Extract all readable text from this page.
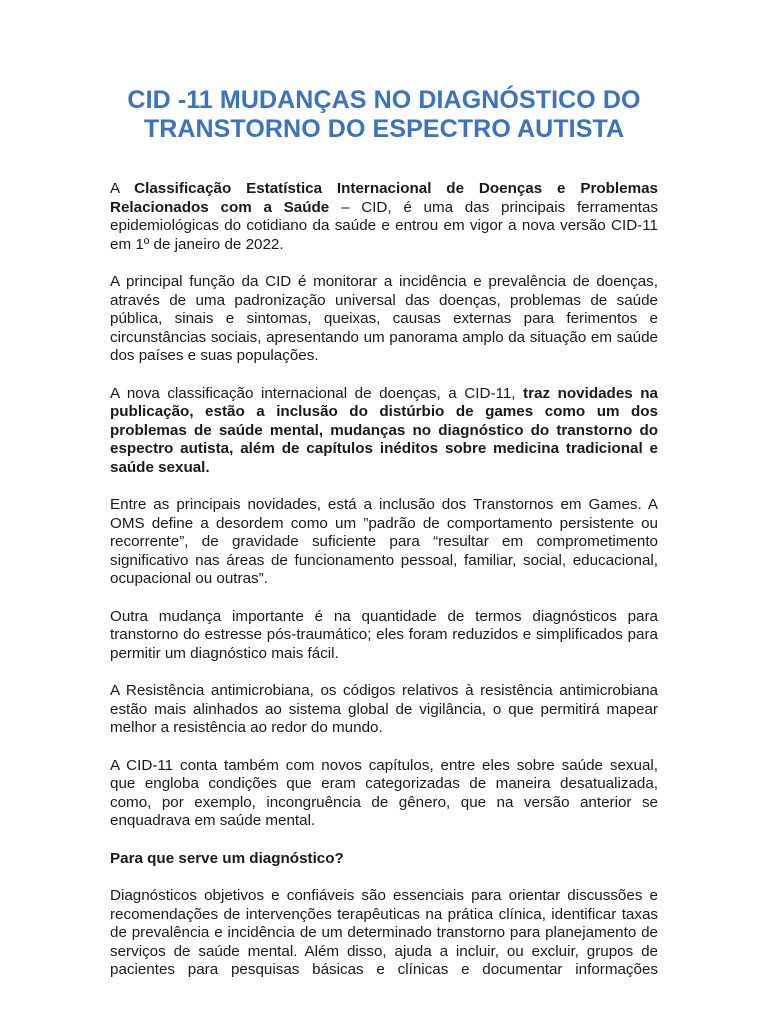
CID -11 MUDANÇAS NO DIAGNÓSTICO DO TRANSTORNO DO ESPECTRO AUTISTA

A Classificação Estatística Internacional de Doenças e Problemas Relacionados com a Saúde – CID, é uma das principais ferramentas epidemiológicas do cotidiano da saúde e entrou em vigor a nova versão CID-11 em 1º de janeiro de 2022.

A principal função da CID é monitorar a incidência e prevalência de doenças, através de uma padronização universal das doenças, problemas de saúde pública, sinais e sintomas, queixas, causas externas para ferimentos e circunstâncias sociais, apresentando um panorama amplo da situação em saúde dos países e suas populações.

A nova classificação internacional de doenças, a CID-11, traz novidades na publicação, estão a inclusão do distúrbio de games como um dos problemas de saúde mental, mudanças no diagnóstico do transtorno do espectro autista, além de capítulos inéditos sobre medicina tradicional e saúde sexual.

Entre as principais novidades, está a inclusão dos Transtornos em Games. A OMS define a desordem como um ”padrão de comportamento persistente ou recorrente”, de gravidade suficiente para “resultar em comprometimento significativo nas áreas de funcionamento pessoal, familiar, social, educacional, ocupacional ou outras”.

Outra mudança importante é na quantidade de termos diagnósticos para transtorno do estresse pós-traumático; eles foram reduzidos e simplificados para permitir um diagnóstico mais fácil.

A Resistência antimicrobiana, os códigos relativos à resistência antimicrobiana estão mais alinhados ao sistema global de vigilância, o que permitirá mapear melhor a resistência ao redor do mundo.

A CID-11 conta também com novos capítulos, entre eles sobre saúde sexual, que engloba condições que eram categorizadas de maneira desatualizada, como, por exemplo, incongruência de gênero, que na versão anterior se enquadrava em saúde mental.

Para que serve um diagnóstico?

Diagnósticos objetivos e confiáveis são essenciais para orientar discussões e recomendações de intervenções terapêuticas na prática clínica, identificar taxas de prevalência e incidência de um determinado transtorno para planejamento de serviços de saúde mental. Além disso, ajuda a incluir, ou excluir, grupos de pacientes para pesquisas básicas e clínicas e documentar informações
